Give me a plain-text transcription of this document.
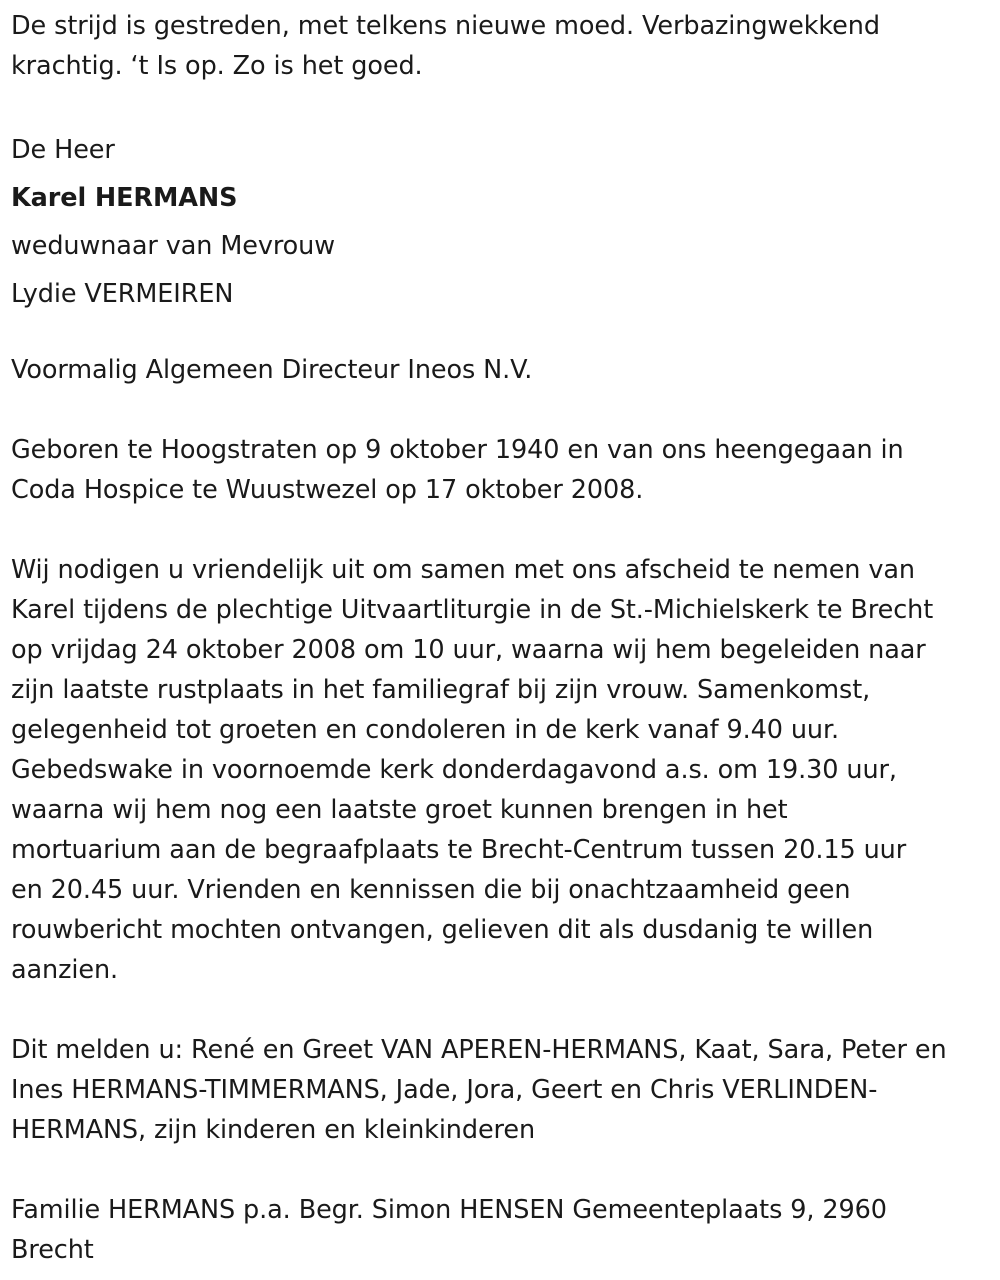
De strijd is gestreden, met telkens nieuwe moed. Verbazingwekkend

krachtig. ‘t Is op. Zo is het goed.

De Heer

Karel HERMANS

weduwnaar van Mevrouw

Lydie VERMEIREN

Voormalig Algemeen Directeur Ineos N.V.

Geboren te Hoogstraten op 9 oktober 1940 en van ons heengegaan in

Coda Hospice te Wuustwezel op 17 oktober 2008.

Wij nodigen u vriendelijk uit om samen met ons afscheid te nemen van

Karel tijdens de plechtige Uitvaartliturgie in de St.-Michielskerk te Brecht

op vrijdag 24 oktober 2008 om 10 uur, waarna wij hem begeleiden naar

zijn laatste rustplaats in het familiegraf bij zijn vrouw. Samenkomst,

gelegenheid tot groeten en condoleren in de kerk vanaf 9.40 uur.

Gebedswake in voornoemde kerk donderdagavond a.s. om 19.30 uur,

waarna wij hem nog een laatste groet kunnen brengen in het

mortuarium aan de begraafplaats te Brecht-Centrum tussen 20.15 uur

en 20.45 uur. Vrienden en kennissen die bij onachtzaamheid geen

rouwbericht mochten ontvangen, gelieven dit als dusdanig te willen

aanzien.

Dit melden u: René en Greet VAN APEREN-HERMANS, Kaat, Sara, Peter en

Ines HERMANS-TIMMERMANS, Jade, Jora, Geert en Chris VERLINDEN-

HERMANS, zijn kinderen en kleinkinderen

Familie HERMANS p.a. Begr. Simon HENSEN Gemeenteplaats 9, 2960

Brecht
